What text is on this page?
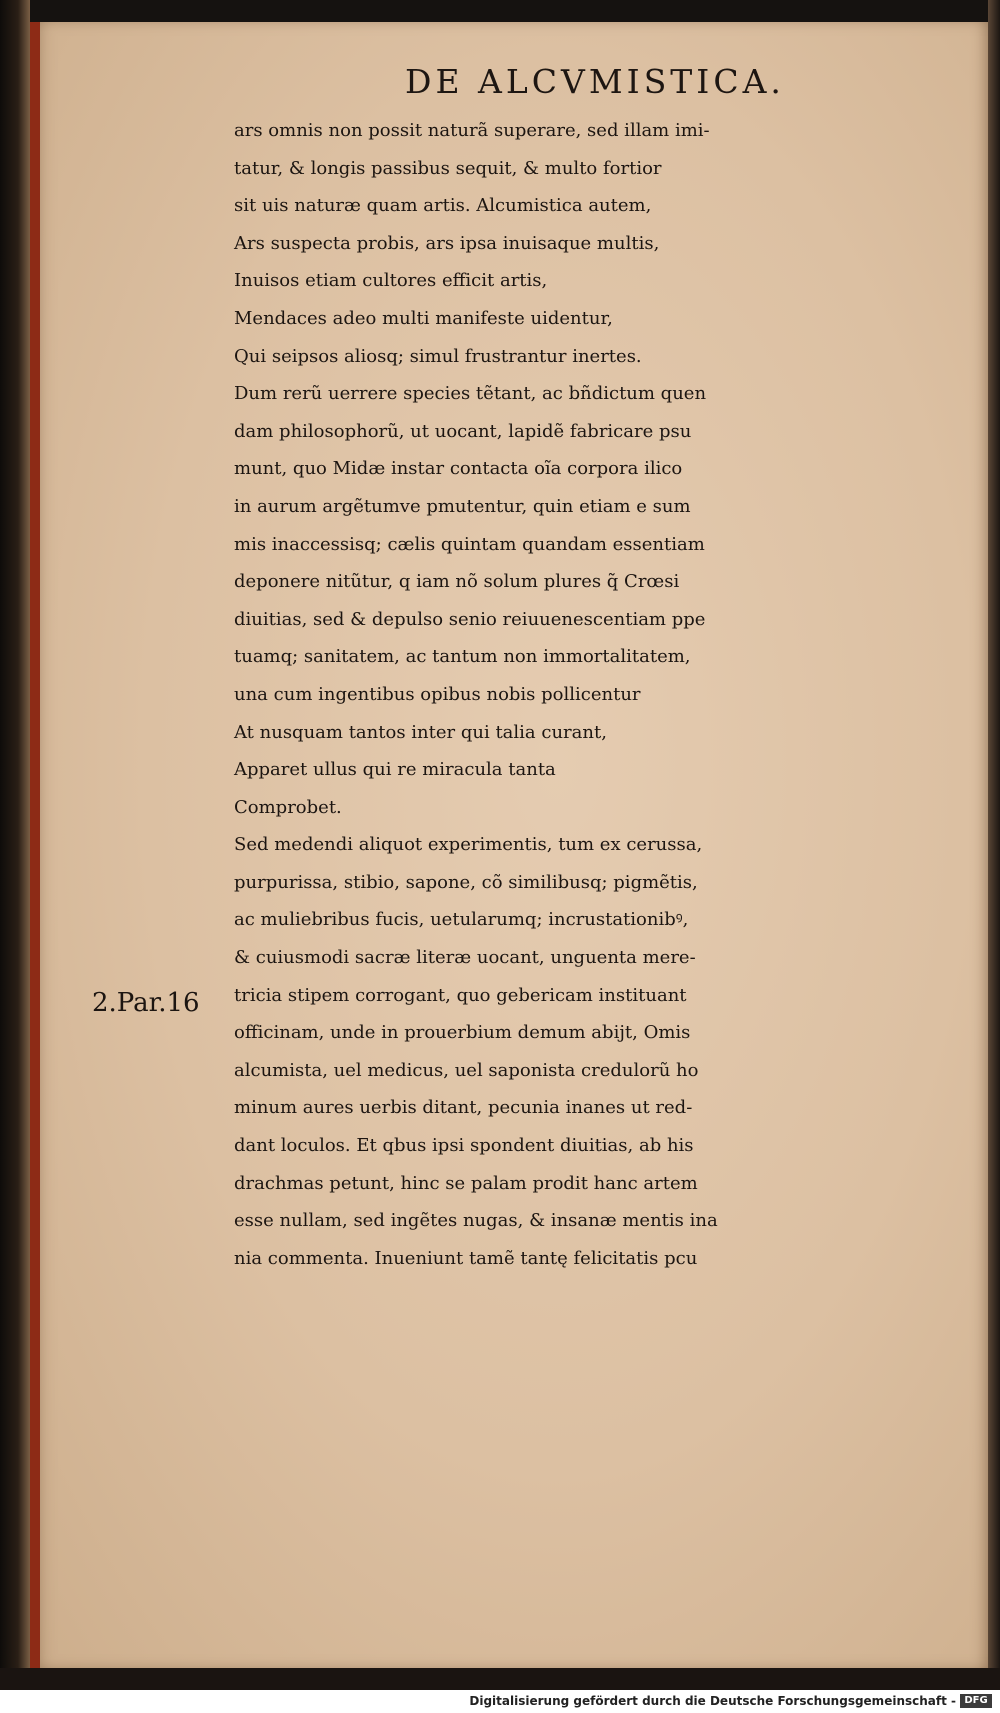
DE ALCVMISTICA.
ars omnis non possit naturã superare, sed illam imi-
tatur, & longis passibus sequit, & multo fortior
sit uis naturæ quam artis. Alcumistica autem,
Ars suspecta probis, ars ipsa inuisaque multis,
Inuisos etiam cultores efficit artis,
Mendaces adeo multi manifeste uidentur,
Qui seipsos aliosq; simul frustrantur inertes.
Dum rerũ uerrere species tẽtant, ac bñdictum quen
dam philosophorũ, ut uocant, lapidẽ fabricare psu
munt, quo Midæ instar contacta oĩa corpora ilico
in aurum argẽtumve pmutentur, quin etiam e sum
mis inaccessisq; cælis quintam quandam essentiam
deponere nitũtur, q iam nõ solum plures q̃ Crœsi
diuitias, sed & depulso senio reiuuenescentiam ppe
tuamq; sanitatem, ac tantum non immortalitatem,
una cum ingentibus opibus nobis pollicentur
At nusquam tantos inter qui talia curant,
Apparet ullus qui re miracula tanta
Comprobet.
Sed medendi aliquot experimentis, tum ex cerussa,
purpurissa, stibio, sapone, cõ similibusq; pigmẽtis,
ac muliebribus fucis, uetularumq; incrustationibꝰ,
& cuiusmodi sacræ literæ uocant, unguenta mere-
tricia stipem corrogant, quo gebericam instituant
officinam, unde in prouerbium demum abijt, Omis
alcumista, uel medicus, uel saponista credulorũ ho
minum aures uerbis ditant, pecunia inanes ut red-
dant loculos. Et qbus ipsi spondent diuitias, ab his
drachmas petunt, hinc se palam prodit hanc artem
esse nullam, sed ingẽtes nugas, & insanæ mentis ina
nia commenta. Inueniunt tamẽ tantę felicitatis pcu
2.Par.16
Digitalisierung gefördert durch die Deutsche Forschungsgemeinschaft - DFG
